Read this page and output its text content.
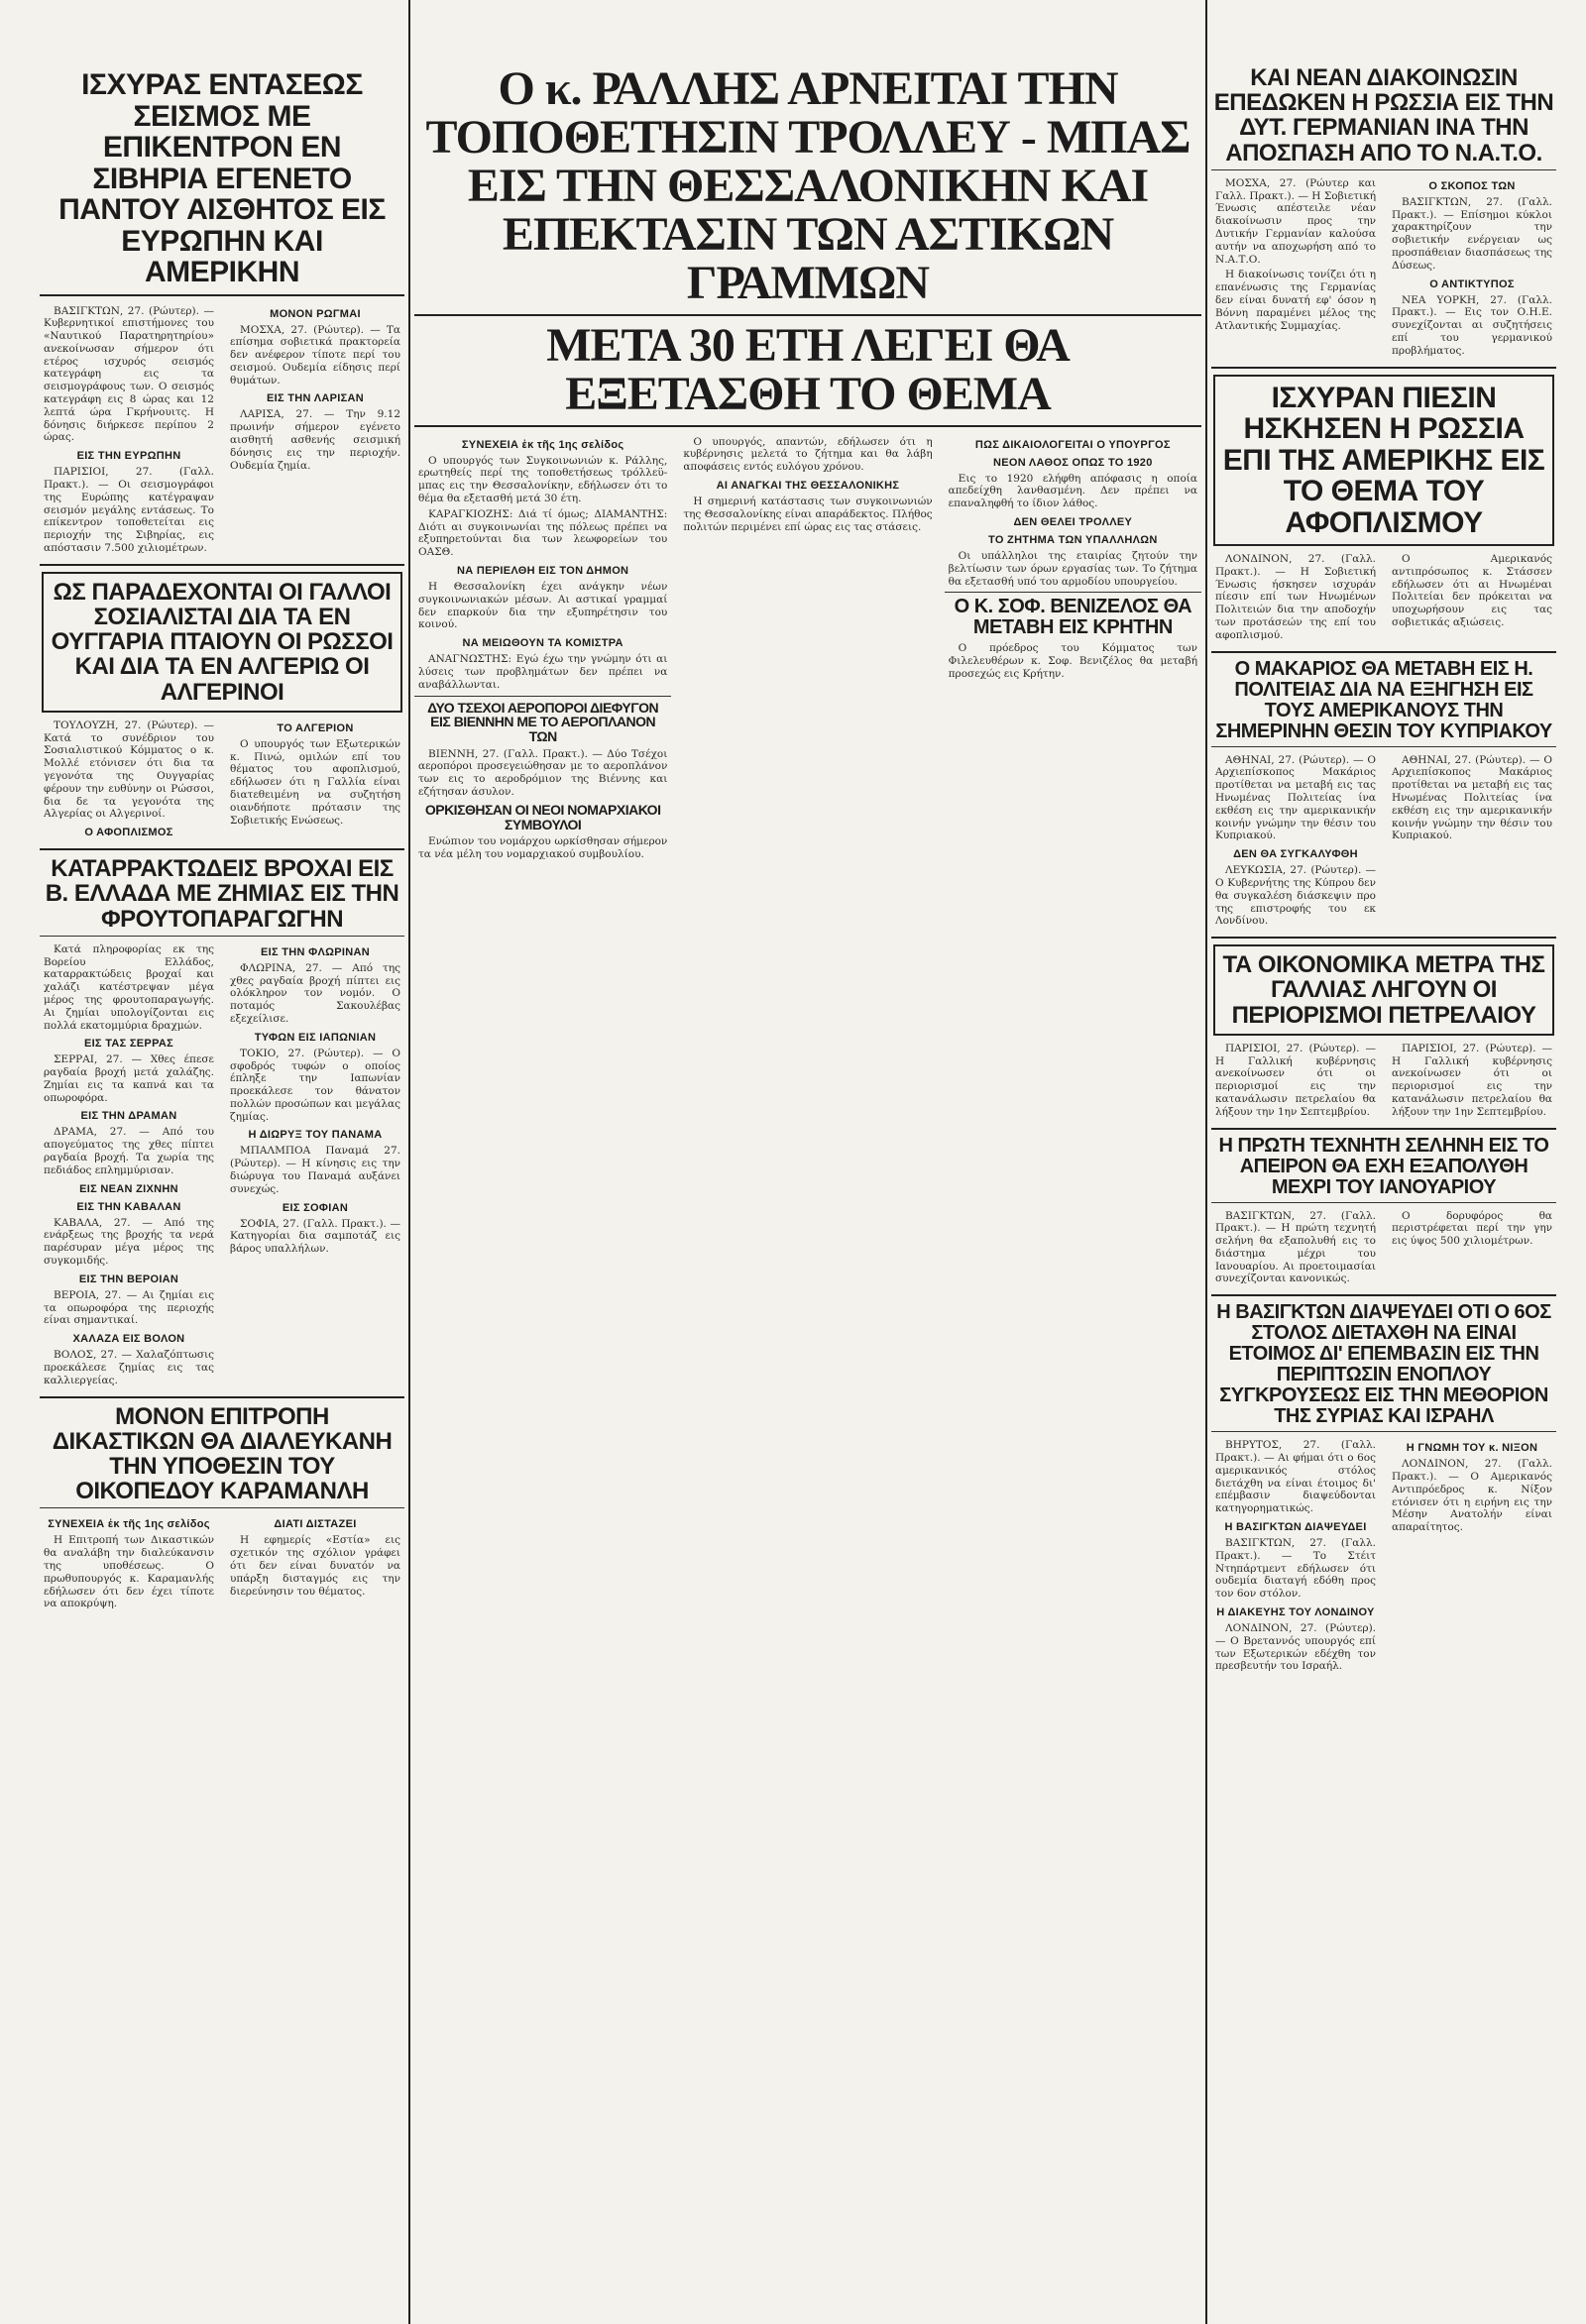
ΙΣΧΥΡΑΣ ΕΝΤΑΣΕΩΣ ΣΕΙΣΜΟΣ ΜΕ ΕΠΙΚΕΝΤΡΟΝ ΕΝ ΣΙΒΗΡΙΑ ΕΓΕΝΕΤΟ ΠΑΝΤΟΥ ΑΙΣΘΗΤΟΣ ΕΙΣ ΕΥΡΩΠΗΝ ΚΑΙ ΑΜΕΡΙΚΗΝ

ΒΑΣΙΓΚΤΩΝ, 27. (Ρώυτερ). — Κυβερνητικοί επιστήμονες του «Ναυτικού Παρατηρητηρίου» ανεκοίνωσαν σήμερον ότι ετέρος ισχυρός σεισμός κατεγράφη εις τα σεισμογράφους των. Ο σεισμός κατεγράφη εις 8 ώρας και 12 λεπτά ώρα Γκρήνουιτς. Η δόνησις διήρκεσε περίπου 2 ώρας.

ΕΙΣ ΤΗΝ ΕΥΡΩΠΗΝ

ΠΑΡΙΣΙΟΙ, 27. (Γαλλ. Πρακτ.). — Οι σεισμογράφοι της Ευρώπης κατέγραψαν σεισμόν μεγάλης εντάσεως. Το επίκεντρον τοποθετείται εις περιοχήν της Σιβηρίας, εις απόστασιν 7.500 χιλιομέτρων.

ΜΟΝΟΝ ΡΩΓΜΑΙ

ΜΟΣΧΑ, 27. (Ρώυτερ). — Τα επίσημα σοβιετικά πρακτορεία δεν ανέφερον τίποτε περί του σεισμού. Ουδεμία είδησις περί θυμάτων.

ΕΙΣ ΤΗΝ ΛΑΡΙΣΑΝ

ΛΑΡΙΣΑ, 27. — Την 9.12 πρωινήν σήμερον εγένετο αισθητή ασθενής σεισμική δόνησις εις την περιοχήν. Ουδεμία ζημία.

ΩΣ ΠΑΡΑΔΕΧΟΝΤΑΙ ΟΙ ΓΑΛΛΟΙ ΣΟΣΙΑΛΙΣΤΑΙ ΔΙΑ ΤΑ ΕΝ ΟΥΓΓΑΡΙΑ ΠΤΑΙΟΥΝ ΟΙ ΡΩΣΣΟΙ ΚΑΙ ΔΙΑ ΤΑ ΕΝ ΑΛΓΕΡΙΩ ΟΙ ΑΛΓΕΡΙΝΟΙ

ΤΟΥΛΟΥΖΗ, 27. (Ρώυτερ). — Κατά το συνέδριον του Σοσιαλιστικού Κόμματος ο κ. Μολλέ ετόνισεν ότι δια τα γεγονότα της Ουγγαρίας φέρουν την ευθύνην οι Ρώσσοι, δια δε τα γεγονότα της Αλγερίας οι Αλγερινοί.

Ο ΑΦΟΠΛΙΣΜΟΣ
ΤΟ ΑΛΓΕΡΙΟΝ

Ο υπουργός των Εξωτερικών κ. Πινώ, ομιλών επί του θέματος του αφοπλισμού, εδήλωσεν ότι η Γαλλία είναι διατεθειμένη να συζητήση οιανδήποτε πρότασιν της Σοβιετικής Ενώσεως.

ΚΑΤΑΡΡΑΚΤΩΔΕΙΣ ΒΡΟΧΑΙ ΕΙΣ Β. ΕΛΛΑΔΑ ΜΕ ΖΗΜΙΑΣ ΕΙΣ ΤΗΝ ΦΡΟΥΤΟΠΑΡΑΓΩΓΗΝ

Κατά πληροφορίας εκ της Βορείου Ελλάδος, καταρρακτώδεις βροχαί και χαλάζι κατέστρεψαν μέγα μέρος της φρουτοπαραγωγής. Αι ζημίαι υπολογίζονται εις πολλά εκατομμύρια δραχμών.

ΕΙΣ ΤΑΣ ΣΕΡΡΑΣ

ΣΕΡΡΑΙ, 27. — Χθες έπεσε ραγδαία βροχή μετά χαλάζης. Ζημίαι εις τα καπνά και τα οπωροφόρα.

ΕΙΣ ΤΗΝ ΔΡΑΜΑΝ

ΔΡΑΜΑ, 27. — Από του απογεύματος της χθες πίπτει ραγδαία βροχή. Τα χωρία της πεδιάδος επλημμύρισαν.

ΕΙΣ ΝΕΑΝ ΖΙΧΝΗΝ
ΕΙΣ ΤΗΝ ΚΑΒΑΛΑΝ

ΚΑΒΑΛΑ, 27. — Από της ενάρξεως της βροχής τα νερά παρέσυραν μέγα μέρος της συγκομιδής.

ΕΙΣ ΤΗΝ ΒΕΡΟΙΑΝ

ΒΕΡΟΙΑ, 27. — Αι ζημίαι εις τα οπωροφόρα της περιοχής είναι σημαντικαί.

ΧΑΛΑΖΑ ΕΙΣ ΒΟΛΟΝ

ΒΟΛΟΣ, 27. — Χαλαζόπτωσις προεκάλεσε ζημίας εις τας καλλιεργείας.

ΕΙΣ ΤΗΝ ΦΛΩΡΙΝΑΝ

ΦΛΩΡΙΝΑ, 27. — Από της χθες ραγδαία βροχή πίπτει εις ολόκληρον τον νομόν. Ο ποταμός Σακουλέβας εξεχείλισε.

ΤΥΦΩΝ ΕΙΣ ΙΑΠΩΝΙΑΝ

ΤΟΚΙΟ, 27. (Ρώυτερ). — Ο σφοδρός τυφών ο οποίος έπληξε την Ιαπωνίαν προεκάλεσε τον θάνατον πολλών προσώπων και μεγάλας ζημίας.

Η ΔΙΩΡΥΞ ΤΟΥ ΠΑΝΑΜΑ

ΜΠΑΛΜΠΟΑ Παναμά 27. (Ρώυτερ). — Η κίνησις εις την διώρυγα του Παναμά αυξάνει συνεχώς.

ΕΙΣ ΣΟΦΙΑΝ

ΣΟΦΙΑ, 27. (Γαλλ. Πρακτ.). — Κατηγορίαι δια σαμποτάζ εις βάρος υπαλλήλων.

ΜΟΝΟΝ ΕΠΙΤΡΟΠΗ ΔΙΚΑΣΤΙΚΩΝ ΘΑ ΔΙΑΛΕΥΚΑΝΗ ΤΗΝ ΥΠΟΘΕΣΙΝ ΤΟΥ ΟΙΚΟΠΕΔΟΥ ΚΑΡΑΜΑΝΛΗ
ΣΥΝΕΧΕΙΑ ἐκ τῆς 1ης σελίδος

Η Επιτροπή των Δικαστικών θα αναλάβη την διαλεύκανσιν της υποθέσεως. Ο πρωθυπουργός κ. Καραμανλής εδήλωσεν ότι δεν έχει τίποτε να αποκρύψη.

ΔΙΑΤΙ ΔΙΣΤΑΖΕΙ

Η εφημερίς «Εστία» εις σχετικόν της σχόλιον γράφει ότι δεν είναι δυνατόν να υπάρξη δισταγμός εις την διερεύνησιν του θέματος.

Ο κ. ΡΑΛΛΗΣ ΑΡΝΕΙΤΑΙ ΤΗΝ ΤΟΠΟΘΕΤΗΣΙΝ ΤΡΟΛΛΕΥ - ΜΠΑΣ ΕΙΣ ΤΗΝ ΘΕΣΣΑΛΟΝΙΚΗΝ ΚΑΙ ΕΠΕΚΤΑΣΙΝ ΤΩΝ ΑΣΤΙΚΩΝ ΓΡΑΜΜΩΝ
ΜΕΤΑ 30 ΕΤΗ ΛΕΓΕΙ ΘΑ ΕΞΕΤΑΣΘΗ ΤΟ ΘΕΜΑ
ΣΥΝΕΧΕΙΑ ἐκ τῆς 1ης σελίδος

Ο υπουργός των Συγκοινωνιών κ. Ράλλης, ερωτηθείς περί της τοποθετήσεως τρόλλεϋ-μπας εις την Θεσσαλονίκην, εδήλωσεν ότι το θέμα θα εξετασθή μετά 30 έτη.

ΚΑΡΑΓΚΙΟΖΗΣ: Διά τί όμως; ΔΙΑΜΑΝΤΗΣ: Διότι αι συγκοινωνίαι της πόλεως πρέπει να εξυπηρετούνται δια των λεωφορείων του ΟΑΣΘ.

ΝΑ ΠΕΡΙΕΛΘΗ ΕΙΣ ΤΟΝ ΔΗΜΟΝ

Η Θεσσαλονίκη έχει ανάγκην νέων συγκοινωνιακών μέσων. Αι αστικαί γραμμαί δεν επαρκούν δια την εξυπηρέτησιν του κοινού.

ΝΑ ΜΕΙΩΘΟΥΝ ΤΑ ΚΟΜΙΣΤΡΑ

ΑΝΑΓΝΩΣΤΗΣ: Εγώ έχω την γνώμην ότι αι λύσεις των προβλημάτων δεν πρέπει να αναβάλλωνται.

ΔΥΟ ΤΣΕΧΟΙ ΑΕΡΟΠΟΡΟΙ ΔΙΕΦΥΓΟΝ ΕΙΣ ΒΙΕΝΝΗΝ ΜΕ ΤΟ ΑΕΡΟΠΛΑΝΟΝ ΤΩΝ

ΒΙΕΝΝΗ, 27. (Γαλλ. Πρακτ.). — Δύο Τσέχοι αεροπόροι προσεγειώθησαν με το αεροπλάνον των εις το αεροδρόμιον της Βιέννης και εζήτησαν άσυλον.

ΟΡΚΙΣΘΗΣΑΝ ΟΙ ΝΕΟΙ ΝΟΜΑΡΧΙΑΚΟΙ ΣΥΜΒΟΥΛΟΙ

Ενώπιον του νομάρχου ωρκίσθησαν σήμερον τα νέα μέλη του νομαρχιακού συμβουλίου.

Ο υπουργός, απαντών, εδήλωσεν ότι η κυβέρνησις μελετά το ζήτημα και θα λάβη αποφάσεις εντός ευλόγου χρόνου.

ΑΙ ΑΝΑΓΚΑΙ ΤΗΣ ΘΕΣΣΑΛΟΝΙΚΗΣ

Η σημερινή κατάστασις των συγκοινωνιών της Θεσσαλονίκης είναι απαράδεκτος. Πλήθος πολιτών περιμένει επί ώρας εις τας στάσεις.

ΠΩΣ ΔΙΚΑΙΟΛΟΓΕΙΤΑΙ Ο ΥΠΟΥΡΓΟΣ
ΝΕΟΝ ΛΑΘΟΣ ΟΠΩΣ ΤΟ 1920

Εις το 1920 ελήφθη απόφασις η οποία απεδείχθη λανθασμένη. Δεν πρέπει να επαναληφθή το ίδιον λάθος.

ΔΕΝ ΘΕΛΕΙ ΤΡΟΛΛΕΥ
ΤΟ ΖΗΤΗΜΑ ΤΩΝ ΥΠΑΛΛΗΛΩΝ

Οι υπάλληλοι της εταιρίας ζητούν την βελτίωσιν των όρων εργασίας των. Το ζήτημα θα εξετασθή υπό του αρμοδίου υπουργείου.

Ο Κ. ΣΟΦ. ΒΕΝΙΖΕΛΟΣ ΘΑ ΜΕΤΑΒΗ ΕΙΣ ΚΡΗΤΗΝ

Ο πρόεδρος του Κόμματος των Φιλελευθέρων κ. Σοφ. Βενιζέλος θα μεταβή προσεχώς εις Κρήτην.

ΚΑΙ ΝΕΑΝ ΔΙΑΚΟΙΝΩΣΙΝ ΕΠΕΔΩΚΕΝ Η ΡΩΣΣΙΑ ΕΙΣ ΤΗΝ ΔΥΤ. ΓΕΡΜΑΝΙΑΝ ΙΝΑ ΤΗΝ ΑΠΟΣΠΑΣΗ ΑΠΟ ΤΟ Ν.Α.Τ.Ο.

ΜΟΣΧΑ, 27. (Ρώυτερ και Γαλλ. Πρακτ.). — Η Σοβιετική Ένωσις απέστειλε νέαν διακοίνωσιν προς την Δυτικήν Γερμανίαν καλούσα αυτήν να αποχωρήση από το Ν.Α.Τ.Ο.

Η διακοίνωσις τονίζει ότι η επανένωσις της Γερμανίας δεν είναι δυνατή εφ' όσον η Βόννη παραμένει μέλος της Ατλαντικής Συμμαχίας.

Ο ΣΚΟΠΟΣ ΤΩΝ

ΒΑΣΙΓΚΤΩΝ, 27. (Γαλλ. Πρακτ.). — Επίσημοι κύκλοι χαρακτηρίζουν την σοβιετικήν ενέργειαν ως προσπάθειαν διασπάσεως της Δύσεως.

Ο ΑΝΤΙΚΤΥΠΟΣ

ΝΕΑ ΥΟΡΚΗ, 27. (Γαλλ. Πρακτ.). — Εις τον Ο.Η.Ε. συνεχίζονται αι συζητήσεις επί του γερμανικού προβλήματος.

ΙΣΧΥΡΑΝ ΠΙΕΣΙΝ ΗΣΚΗΣΕΝ Η ΡΩΣΣΙΑ ΕΠΙ ΤΗΣ ΑΜΕΡΙΚΗΣ ΕΙΣ ΤΟ ΘΕΜΑ ΤΟΥ ΑΦΟΠΛΙΣΜΟΥ

ΛΟΝΔΙΝΟΝ, 27. (Γαλλ. Πρακτ.). — Η Σοβιετική Ένωσις ήσκησεν ισχυράν πίεσιν επί των Ηνωμένων Πολιτειών δια την αποδοχήν των προτάσεών της επί του αφοπλισμού.

Ο Αμερικανός αντιπρόσωπος κ. Στάσσεν εδήλωσεν ότι αι Ηνωμέναι Πολιτείαι δεν πρόκειται να υποχωρήσουν εις τας σοβιετικάς αξιώσεις.

Ο ΜΑΚΑΡΙΟΣ ΘΑ ΜΕΤΑΒΗ ΕΙΣ Η. ΠΟΛΙΤΕΙΑΣ ΔΙΑ ΝΑ ΕΞΗΓΗΣΗ ΕΙΣ ΤΟΥΣ ΑΜΕΡΙΚΑΝΟΥΣ ΤΗΝ ΣΗΜΕΡΙΝΗΝ ΘΕΣΙΝ ΤΟΥ ΚΥΠΡΙΑΚΟΥ

ΑΘΗΝΑΙ, 27. (Ρώυτερ). — Ο Αρχιεπίσκοπος Μακάριος προτίθεται να μεταβή εις τας Ηνωμένας Πολιτείας ίνα εκθέση εις την αμερικανικήν κοινήν γνώμην την θέσιν του Κυπριακού.

ΔΕΝ ΘΑ ΣΥΓΚΑΛΥΦΘΗ

ΛΕΥΚΩΣΙΑ, 27. (Ρώυτερ). — Ο Κυβερνήτης της Κύπρου δεν θα συγκαλέση διάσκεψιν προ της επιστροφής του εκ Λονδίνου.

ΑΘΗΝΑΙ, 27. (Ρώυτερ). — Ο Αρχιεπίσκοπος Μακάριος προτίθεται να μεταβή εις τας Ηνωμένας Πολιτείας ίνα εκθέση εις την αμερικανικήν κοινήν γνώμην την θέσιν του Κυπριακού.

ΤΑ ΟΙΚΟΝΟΜΙΚΑ ΜΕΤΡΑ ΤΗΣ ΓΑΛΛΙΑΣ ΛΗΓΟΥΝ ΟΙ ΠΕΡΙΟΡΙΣΜΟΙ ΠΕΤΡΕΛΑΙΟΥ

ΠΑΡΙΣΙΟΙ, 27. (Ρώυτερ). — Η Γαλλική κυβέρνησις ανεκοίνωσεν ότι οι περιορισμοί εις την κατανάλωσιν πετρελαίου θα λήξουν την 1ην Σεπτεμβρίου.

ΠΑΡΙΣΙΟΙ, 27. (Ρώυτερ). — Η Γαλλική κυβέρνησις ανεκοίνωσεν ότι οι περιορισμοί εις την κατανάλωσιν πετρελαίου θα λήξουν την 1ην Σεπτεμβρίου.

Η ΠΡΩΤΗ ΤΕΧΝΗΤΗ ΣΕΛΗΝΗ ΕΙΣ ΤΟ ΑΠΕΙΡΟΝ ΘΑ ΕΧΗ ΕΞΑΠΟΛΥΘΗ ΜΕΧΡΙ ΤΟΥ ΙΑΝΟΥΑΡΙΟΥ

ΒΑΣΙΓΚΤΩΝ, 27. (Γαλλ. Πρακτ.). — Η πρώτη τεχνητή σελήνη θα εξαπολυθή εις το διάστημα μέχρι του Ιανουαρίου. Αι προετοιμασίαι συνεχίζονται κανονικώς.

Ο δορυφόρος θα περιστρέφεται περί την γην εις ύψος 500 χιλιομέτρων.

Η ΒΑΣΙΓΚΤΩΝ ΔΙΑΨΕΥΔΕΙ ΟΤΙ Ο 6ΟΣ ΣΤΟΛΟΣ ΔΙΕΤΑΧΘΗ ΝΑ ΕΙΝΑΙ ΕΤΟΙΜΟΣ ΔΙ' ΕΠΕΜΒΑΣΙΝ ΕΙΣ ΤΗΝ ΠΕΡΙΠΤΩΣΙΝ ΕΝΟΠΛΟΥ ΣΥΓΚΡΟΥΣΕΩΣ ΕΙΣ ΤΗΝ ΜΕΘΟΡΙΟΝ ΤΗΣ ΣΥΡΙΑΣ ΚΑΙ ΙΣΡΑΗΛ

ΒΗΡΥΤΟΣ, 27. (Γαλλ. Πρακτ.). — Αι φήμαι ότι ο 6ος αμερικανικός στόλος διετάχθη να είναι έτοιμος δι' επέμβασιν διαψεύδονται κατηγορηματικώς.

Η ΒΑΣΙΓΚΤΩΝ ΔΙΑΨΕΥΔΕΙ

ΒΑΣΙΓΚΤΩΝ, 27. (Γαλλ. Πρακτ.). — Το Στέιτ Ντηπάρτμεντ εδήλωσεν ότι ουδεμία διαταγή εδόθη προς τον 6ον στόλον.

Η ΔΙΑΚΕΥΗΣ ΤΟΥ ΛΟΝΔΙΝΟΥ

ΛΟΝΔΙΝΟΝ, 27. (Ρώυτερ). — Ο Βρεταννός υπουργός επί των Εξωτερικών εδέχθη τον πρεσβευτήν του Ισραήλ.

Η ΓΝΩΜΗ ΤΟΥ κ. ΝΙΞΟΝ

ΛΟΝΔΙΝΟΝ, 27. (Γαλλ. Πρακτ.). — Ο Αμερικανός Αντιπρόεδρος κ. Νίξον ετόνισεν ότι η ειρήνη εις την Μέσην Ανατολήν είναι απαραίτητος.
